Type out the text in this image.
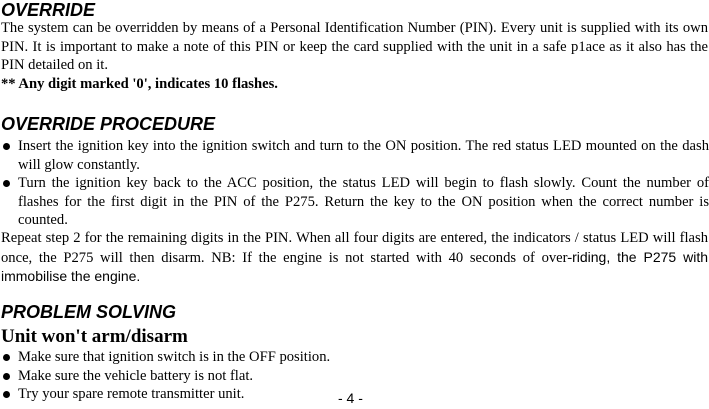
OVERRIDE

The system can be overridden by means of a Personal Identification Number (PIN). Every unit is supplied with its own PIN. It is important to make a note of this PIN or keep the card supplied with the unit in a safe p1ace as it also has the PIN detailed on it.
** Any digit marked '0', indicates 10 flashes.

OVERRIDE PROCEDURE
Insert the ignition key into the ignition switch and turn to the ON position. The red status LED mounted on the dash will glow constantly.
Turn the ignition key back to the ACC position, the status LED will begin to flash slowly. Count the number of flashes for the first digit in the PIN of the P275. Return the key to the ON position when the correct number is counted.

Repeat step 2 for the remaining digits in the PIN. When all four digits are entered, the indicators / status LED will flash once, the P275 will then disarm. NB: If the engine is not started with 40 seconds of over-riding, the P275 with immobilise the engine.

PROBLEM SOLVING
Unit won't arm/disarm
Make sure that ignition switch is in the OFF position.
Make sure the vehicle battery is not flat.
Try your spare remote transmitter unit.	- 4 -
